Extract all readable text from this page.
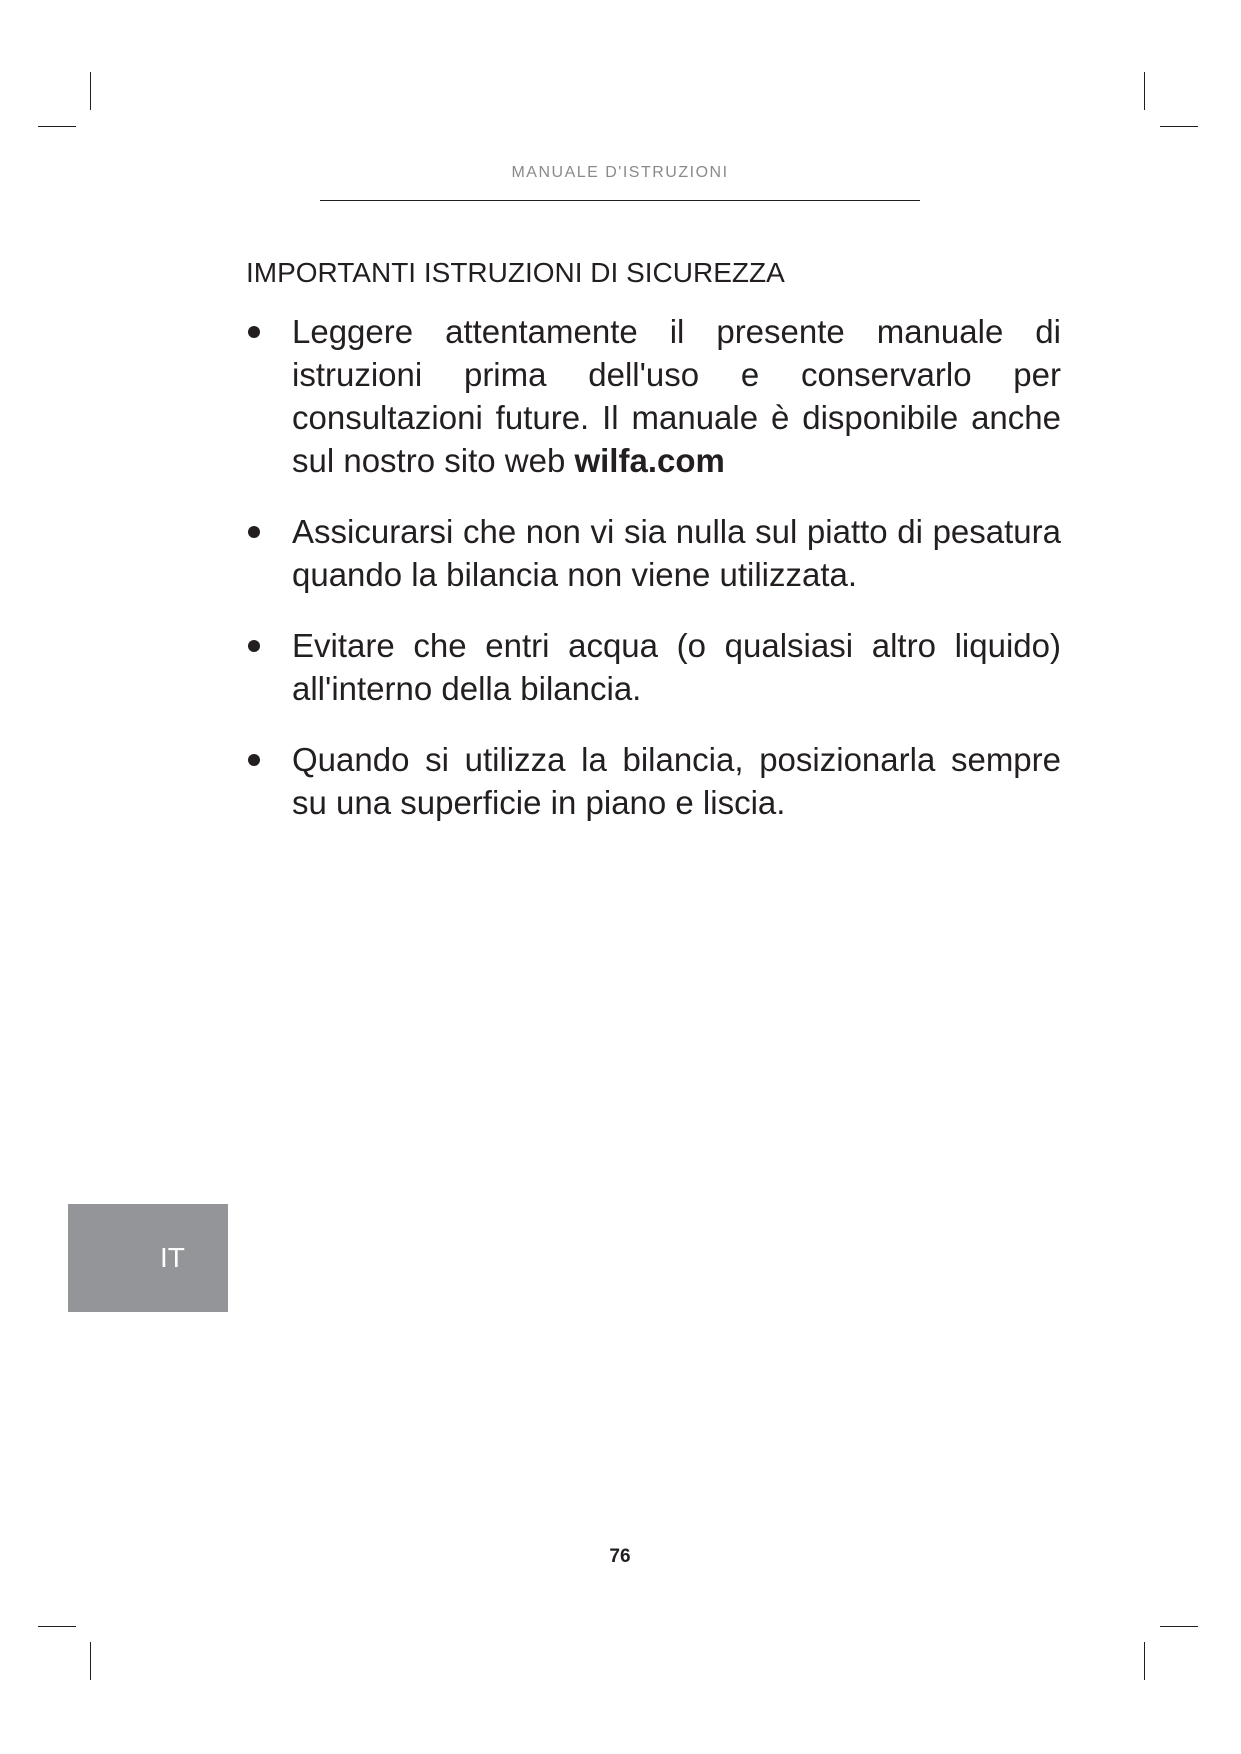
MANUALE D'ISTRUZIONI
IMPORTANTI ISTRUZIONI DI SICUREZZA
Leggere attentamente il presente manuale di istruzioni prima dell'uso e conservarlo per consultazioni future. Il manuale è disponibile anche sul nostro sito web wilfa.com
Assicurarsi che non vi sia nulla sul piatto di pesatura quando la bilancia non viene utilizzata.
Evitare che entri acqua (o qualsiasi altro liquido) all'interno della bilancia.
Quando si utilizza la bilancia, posizionarla sempre su una superficie in piano e liscia.
IT
76
